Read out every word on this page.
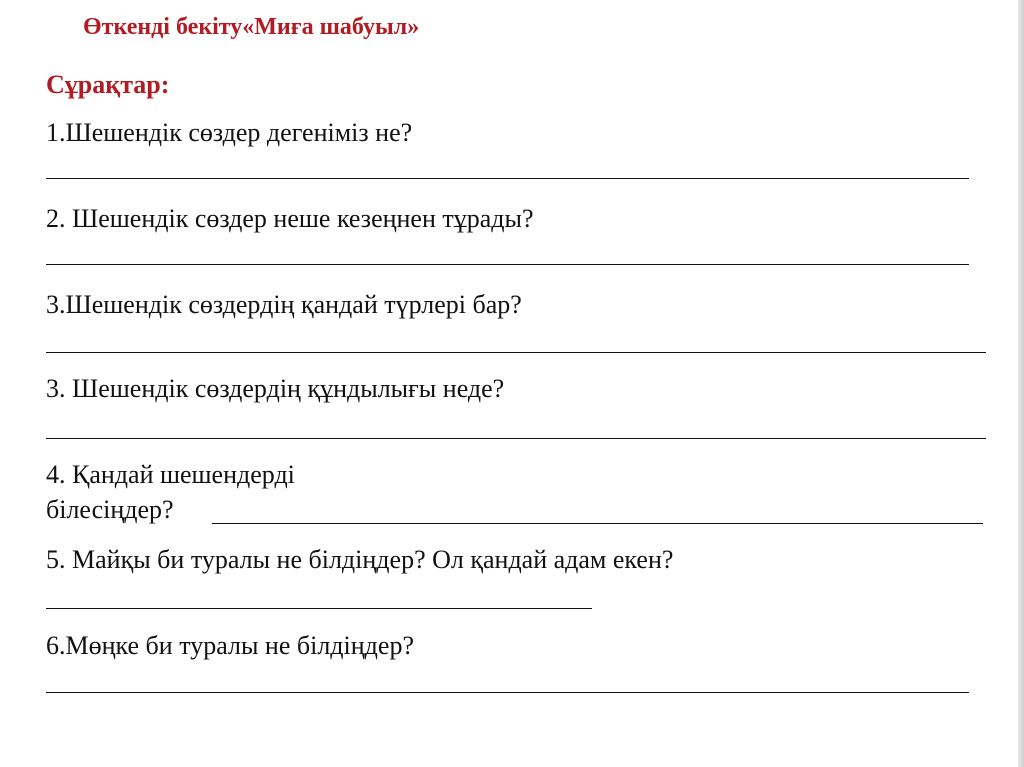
Өткенді бекіту«Миға шабуыл»
Сұрақтар:
1.Шешендік сөздер дегеніміз не?
2. Шешендік сөздер неше кезеңнен тұрады?
3.Шешендік сөздердің қандай түрлері бар?
3. Шешендік сөздердің құндылығы неде?
4. Қандай шешендерді
білесіңдер?
5. Майқы би туралы не білдіңдер? Ол қандай адам екен?
6.Мөңке би туралы не білдіңдер?
